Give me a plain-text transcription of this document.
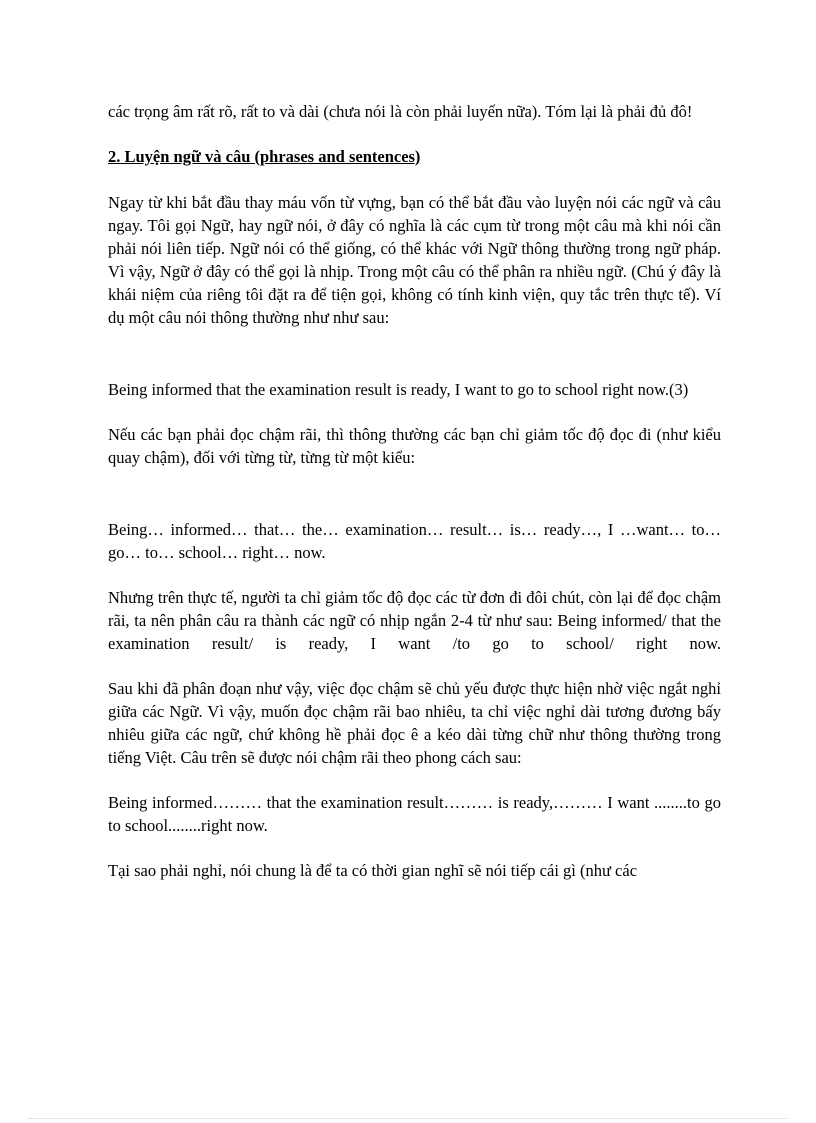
các trọng âm rất rõ, rất to và dài (chưa nói là còn phải luyến nữa). Tóm lại là phải đủ đô!

2. Luyện ngữ và câu (phrases and sentences)

Ngay từ khi bắt đầu thay máu vốn từ vựng, bạn có thể bắt đầu vào luyện nói các ngữ và câu ngay. Tôi gọi Ngữ, hay ngữ nói, ở đây có nghĩa là các cụm từ trong một câu mà khi nói cần phải nói liên tiếp. Ngữ nói có thể giống, có thể khác với Ngữ thông thường trong ngữ pháp. Vì vậy, Ngữ ở đây có thể gọi là nhịp. Trong một câu có thể phân ra nhiều ngữ. (Chú ý đây là khái niệm của riêng tôi đặt ra để tiện gọi, không có tính kinh viện, quy tắc trên thực tế). Ví dụ một câu nói thông thường như như sau:

Being informed that the examination result is ready, I want to go to school right now.(3)

Nếu các bạn phải đọc chậm rãi, thì thông thường các bạn chỉ giảm tốc độ đọc đi (như kiểu quay chậm), đối với từng từ, từng từ một kiểu:

Being… informed… that… the… examination… result… is… ready…, I …want… to… go… to… school… right… now.

Nhưng trên thực tế, người ta chỉ giảm tốc độ đọc các từ đơn đi đôi chút, còn lại để đọc chậm rãi, ta nên phân câu ra thành các ngữ có nhịp ngắn 2-4 từ như sau: Being informed/ that the examination result/ is ready, I want /to go to school/ right now.

Sau khi đã phân đoạn như vậy, việc đọc chậm sẽ chủ yếu được thực hiện nhờ việc ngắt nghỉ giữa các Ngữ. Vì vậy, muốn đọc chậm rãi bao nhiêu, ta chỉ việc nghỉ dài tương đương bấy nhiêu giữa các ngữ, chứ không hề phải đọc ê a kéo dài từng chữ như thông thường trong tiếng Việt. Câu trên sẽ được nói chậm rãi theo phong cách sau:

Being informed……… that the examination result……… is ready,……… I want ........to go to school........right now.

Tại sao phải nghỉ, nói chung là để ta có thời gian nghĩ sẽ nói tiếp cái gì (như các
